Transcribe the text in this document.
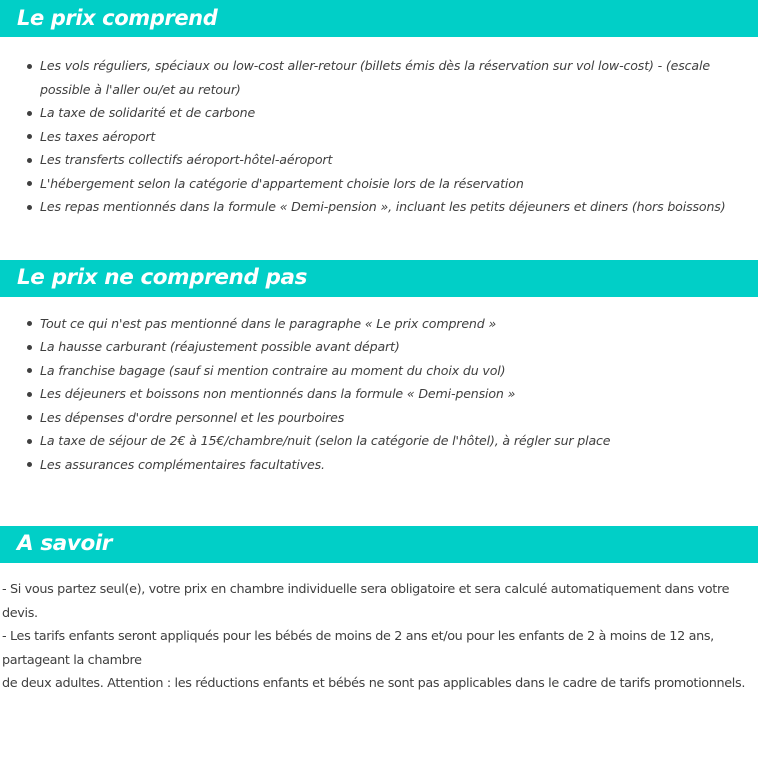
Le prix comprend
Les vols réguliers, spéciaux ou low-cost aller-retour (billets émis dès la réservation sur vol low-cost) - (escale possible à l'aller ou/et au retour)
La taxe de solidarité et de carbone
Les taxes aéroport
Les transferts collectifs aéroport-hôtel-aéroport
L'hébergement selon la catégorie d'appartement choisie lors de la réservation
Les repas mentionnés dans la formule « Demi-pension », incluant les petits déjeuners et diners (hors boissons)
Le prix ne comprend pas
Tout ce qui n'est pas mentionné dans le paragraphe « Le prix comprend »
La hausse carburant (réajustement possible avant départ)
La franchise bagage (sauf si mention contraire au moment du choix du vol)
Les déjeuners et boissons non mentionnés dans la formule « Demi-pension »
Les dépenses d'ordre personnel et les pourboires
La taxe de séjour de 2€ à 15€/chambre/nuit (selon la catégorie de l'hôtel), à régler sur place
Les assurances complémentaires facultatives.
A savoir
- Si vous partez seul(e), votre prix en chambre individuelle sera obligatoire et sera calculé automatiquement dans votre
devis.
- Les tarifs enfants seront appliqués pour les bébés de moins de 2 ans et/ou pour les enfants de 2 à moins de 12 ans,
partageant la chambre
de deux adultes. Attention : les réductions enfants et bébés ne sont pas applicables dans le cadre de tarifs promotionnels.
